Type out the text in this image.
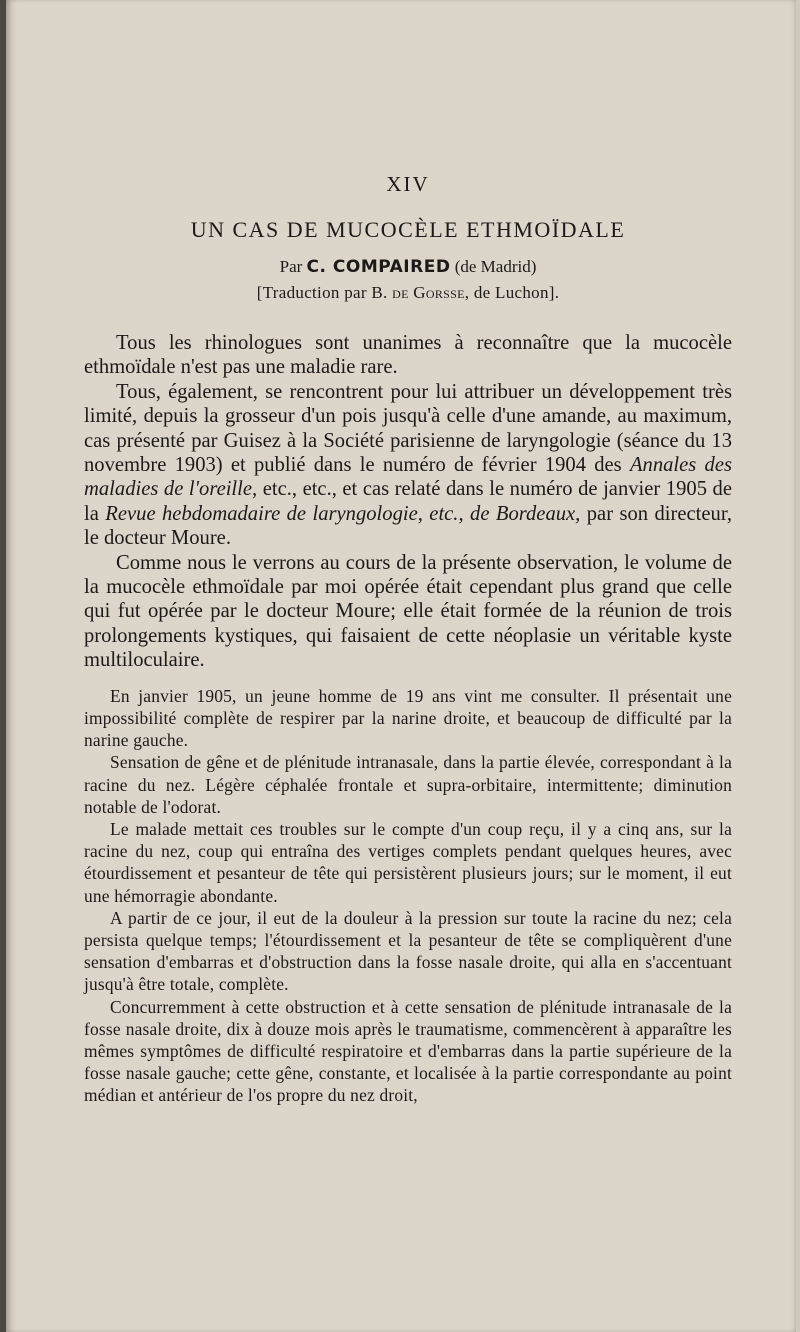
XIV
UN CAS DE MUCOCÈLE ETHMOÏDALE
Par C. COMPAIRED (de Madrid)
[Traduction par B. de Gorsse, de Luchon].

Tous les rhinologues sont unanimes à reconnaître que la mucocèle ethmoïdale n'est pas une maladie rare.

Tous, également, se rencontrent pour lui attribuer un développement très limité, depuis la grosseur d'un pois jusqu'à celle d'une amande, au maximum, cas présenté par Guisez à la Société parisienne de laryngologie (séance du 13 novembre 1903) et publié dans le numéro de février 1904 des Annales des maladies de l'oreille, etc., etc., et cas relaté dans le numéro de janvier 1905 de la Revue hebdomadaire de laryngologie, etc., de Bordeaux, par son directeur, le docteur Moure.

Comme nous le verrons au cours de la présente observation, le volume de la mucocèle ethmoïdale par moi opérée était cependant plus grand que celle qui fut opérée par le docteur Moure; elle était formée de la réunion de trois prolongements kystiques, qui faisaient de cette néoplasie un véritable kyste multiloculaire.

En janvier 1905, un jeune homme de 19 ans vint me consulter. Il présentait une impossibilité complète de respirer par la narine droite, et beaucoup de difficulté par la narine gauche.

Sensation de gêne et de plénitude intranasale, dans la partie élevée, correspondant à la racine du nez. Légère céphalée frontale et supra-orbitaire, intermittente; diminution notable de l'odorat.

Le malade mettait ces troubles sur le compte d'un coup reçu, il y a cinq ans, sur la racine du nez, coup qui entraîna des vertiges complets pendant quelques heures, avec étourdissement et pesanteur de tête qui persistèrent plusieurs jours; sur le moment, il eut une hémorragie abondante.

A partir de ce jour, il eut de la douleur à la pression sur toute la racine du nez; cela persista quelque temps; l'étourdissement et la pesanteur de tête se compliquèrent d'une sensation d'embarras et d'obstruction dans la fosse nasale droite, qui alla en s'accentuant jusqu'à être totale, complète.

Concurremment à cette obstruction et à cette sensation de plénitude intranasale de la fosse nasale droite, dix à douze mois après le traumatisme, commencèrent à apparaître les mêmes symptômes de difficulté respiratoire et d'embarras dans la partie supérieure de la fosse nasale gauche; cette gêne, constante, et localisée à la partie correspondante au point médian et antérieur de l'os propre du nez droit,
